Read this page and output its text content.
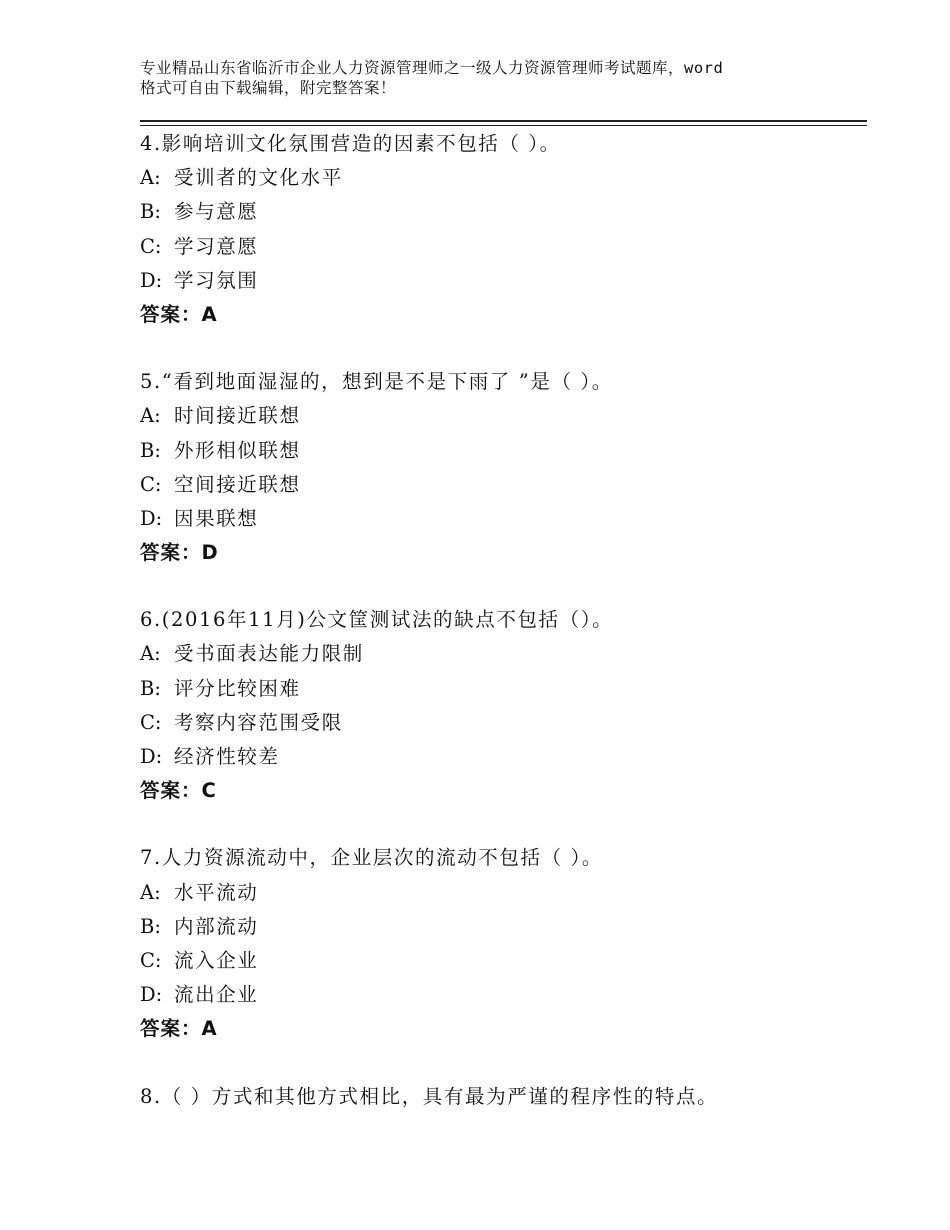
专业精品山东省临沂市企业人力资源管理师之一级人力资源管理师考试题库，word
格式可自由下载编辑，附完整答案！
4.影响培训文化氛围营造的因素不包括（ ）。
A: 受训者的文化水平
B: 参与意愿
C: 学习意愿
D: 学习氛围
答案：A
5.“看到地面湿湿的，想到是不是下雨了 ”是（ ）。
A: 时间接近联想
B: 外形相似联想
C: 空间接近联想
D: 因果联想
答案：D
6.(2016年11月)公文筐测试法的缺点不包括（）。
A: 受书面表达能力限制
B: 评分比较困难
C: 考察内容范围受限
D: 经济性较差
答案：C
7.人力资源流动中，企业层次的流动不包括（ ）。
A: 水平流动
B: 内部流动
C: 流入企业
D: 流出企业
答案：A
8.（ ）方式和其他方式相比，具有最为严谨的程序性的特点。
